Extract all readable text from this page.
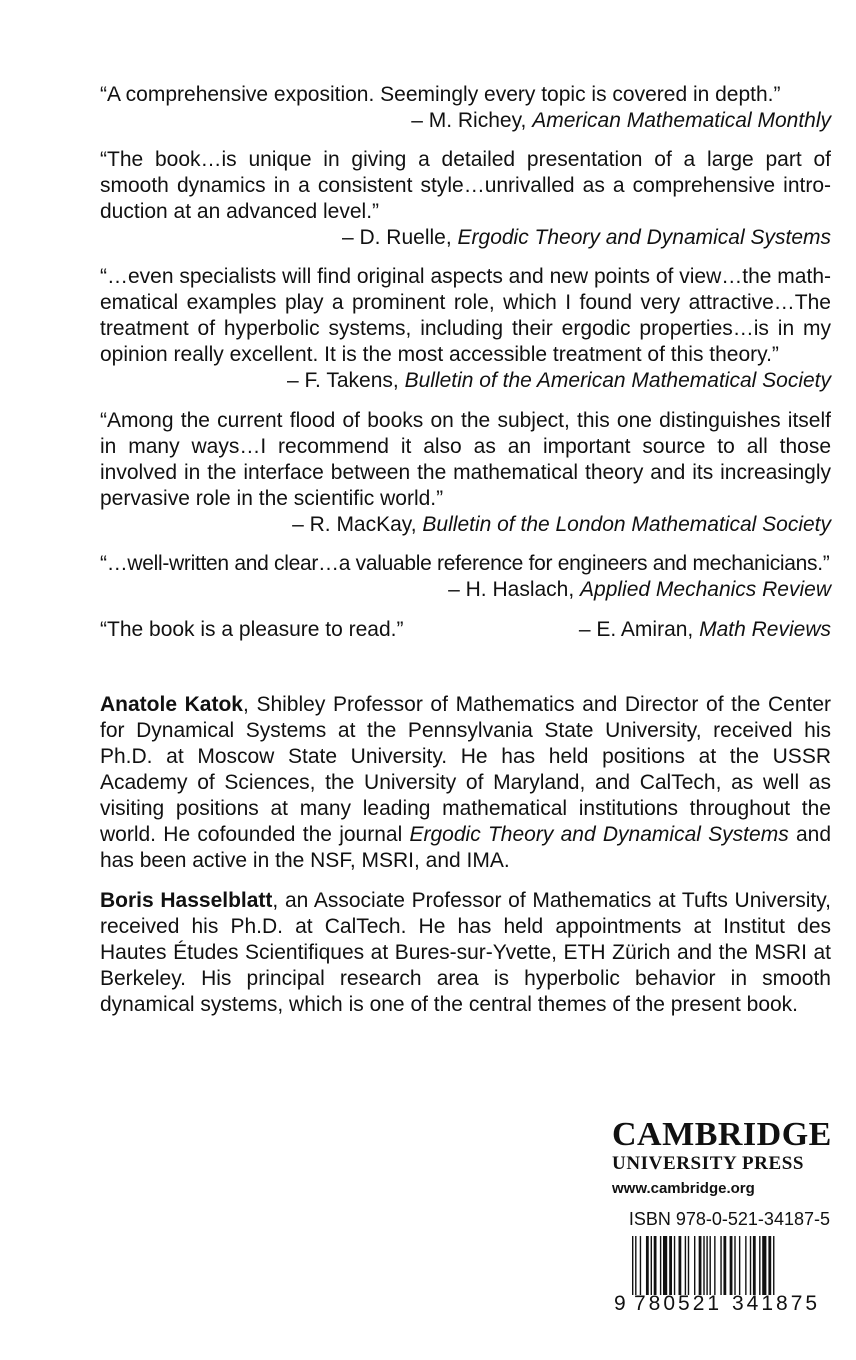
“A comprehensive exposition. Seemingly every topic is covered in depth.”
– M. Richey, American Mathematical Monthly
“The book…is unique in giving a detailed presentation of a large part of smooth dynamics in a consistent style…unrivalled as a comprehensive introduction at an advanced level.”
– D. Ruelle, Ergodic Theory and Dynamical Systems
“…even specialists will find original aspects and new points of view…the mathematical examples play a prominent role, which I found very attractive…The treatment of hyperbolic systems, including their ergodic properties…is in my opinion really excellent. It is the most accessible treatment of this theory.”
– F. Takens, Bulletin of the American Mathematical Society
“Among the current flood of books on the subject, this one distinguishes itself in many ways…I recommend it also as an important source to all those involved in the interface between the mathematical theory and its increasingly pervasive role in the scientific world.”
– R. MacKay, Bulletin of the London Mathematical Society
“…well-written and clear…a valuable reference for engineers and mechanicians.”
– H. Haslach, Applied Mechanics Review
“The book is a pleasure to read.”	– E. Amiran, Math Reviews
Anatole Katok, Shibley Professor of Mathematics and Director of the Center for Dynamical Systems at the Pennsylvania State University, received his Ph.D. at Moscow State University. He has held positions at the USSR Academy of Sciences, the University of Maryland, and CalTech, as well as visiting positions at many leading mathematical institutions throughout the world. He cofounded the journal Ergodic Theory and Dynamical Systems and has been active in the NSF, MSRI, and IMA.
Boris Hasselblatt, an Associate Professor of Mathematics at Tufts University, received his Ph.D. at CalTech. He has held appointments at Institut des Hautes Études Scientifiques at Bures-sur-Yvette, ETH Zürich and the MSRI at Berkeley. His principal research area is hyperbolic behavior in smooth dynamical systems, which is one of the central themes of the present book.
CAMBRIDGE
UNIVERSITY PRESS
www.cambridge.org
ISBN 978-0-521-34187-5
9 780521 341875
